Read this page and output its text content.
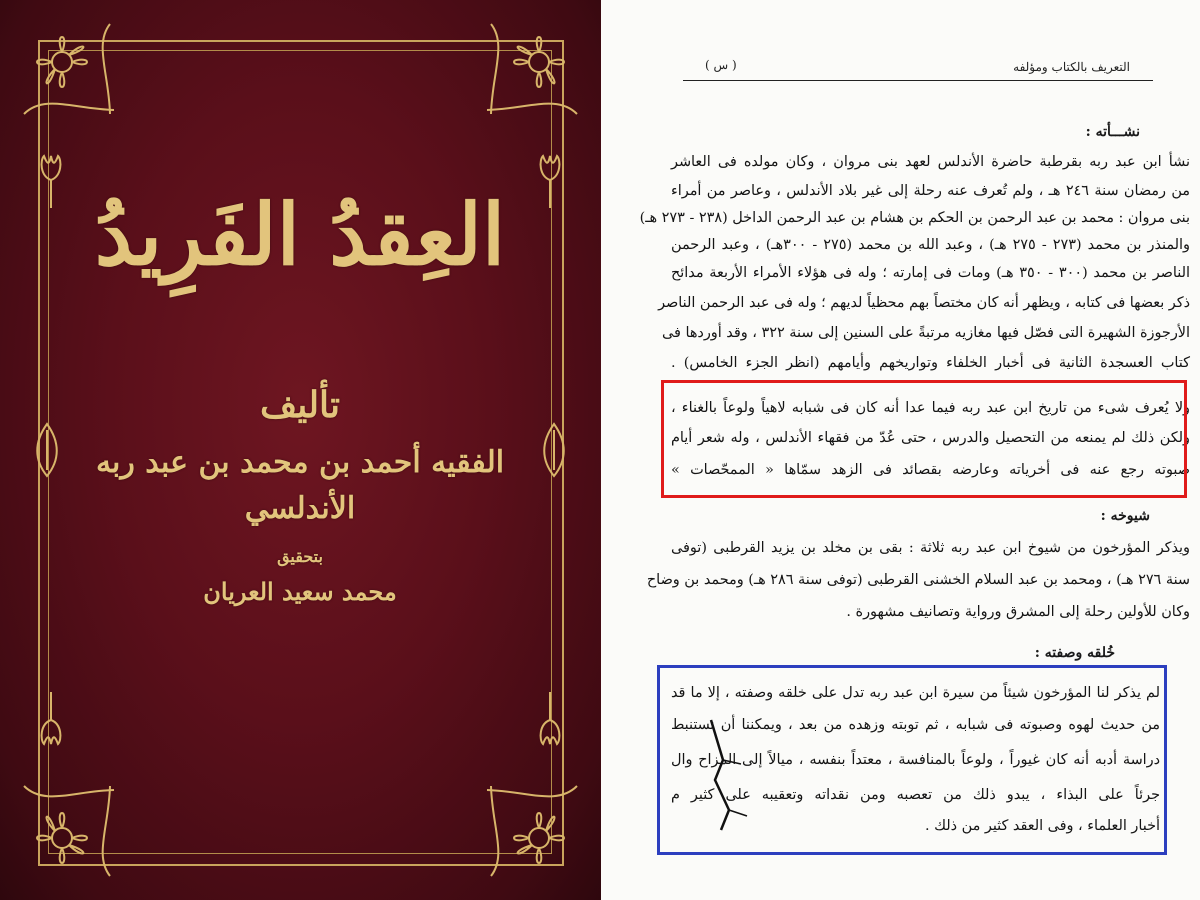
العِقدُ الفَرِيدُ
تأليف
الفقيه أحمد بن محمد بن عبد ربه الأندلسي
بتحقيق
محمد سعيد العريان
التعريف بالكتاب ومؤلفه
( س )
نشـــأته :
نشأ ابن عبد ربه بقرطبة حاضرة الأندلس لعهد بنى مروان ، وكان مولده فى العاشر
من رمضان سنة ٢٤٦ هـ ، ولم تُعرف عنه رحلة إلى غير بلاد الأندلس ، وعاصر من أمراء
بنى مروان : محمد بن عبد الرحمن بن الحكم بن هشام بن عبد الرحمن الداخل (٢٣٨ - ٢٧٣ هـ)
والمنذر بن محمد (٢٧٣ - ٢٧٥ هـ) ، وعبد الله بن محمد (٢٧٥ - ٣٠٠هـ) ، وعبد الرحمن
الناصر بن محمد (٣٠٠ - ٣٥٠ هـ) ومات فى إمارته ؛ وله فى هؤلاء الأمراء الأربعة مدائح
ذكر بعضها فى كتابه ، ويظهر أنه كان مختصاً بهم محظياً لديهم ؛ وله فى عبد الرحمن الناصر
الأرجوزة الشهيرة التى فصّل فيها مغازيه مرتبةً على السنين إلى سنة ٣٢٢ ، وقد أوردها فى
كتاب العسجدة الثانية فى أخبار الخلفاء وتواريخهم وأيامهم (انظر الجزء الخامس) .
ولا يُعرف شىء من تاريخ ابن عبد ربه فيما عدا أنه كان فى شبابه لاهياً ولوعاً بالغناء ،
ولكن ذلك لم يمنعه من التحصيل والدرس ، حتى عُدّ من فقهاء الأندلس ، وله شعر أيام
صبوته رجع عنه فى أخرياته وعارضه بقصائد فى الزهد سمّاها « الممحّصات »
شيوخه :
ويذكر المؤرخون من شيوخ ابن عبد ربه ثلاثة : بقى بن مخلد بن يزيد القرطبى (توفى
سنة ٢٧٦ هـ) ، ومحمد بن عبد السلام الخشنى القرطبى (توفى سنة ٢٨٦ هـ) ومحمد بن وضاح
وكان للأولين رحلة إلى المشرق ورواية وتصانيف مشهورة .
خُلقه وصفته :
لم يذكر لنا المؤرخون شيئاً من سيرة ابن عبد ربه تدل على خلقه وصفته ، إلا ما قد
من حديث لهوه وصبوته فى شبابه ، ثم توبته وزهده من بعد ، ويمكننا أن نستنبط
دراسة أدبه أنه كان غيوراً ، ولوعاً بالمنافسة ، معتداً بنفسه ، ميالاً إلى المزاح وال
جرئاً على البذاء ، يبدو ذلك من تعصبه ومن نقداته وتعقيبه على كثير م
أخبار العلماء ، وفى العقد كثير من ذلك .
